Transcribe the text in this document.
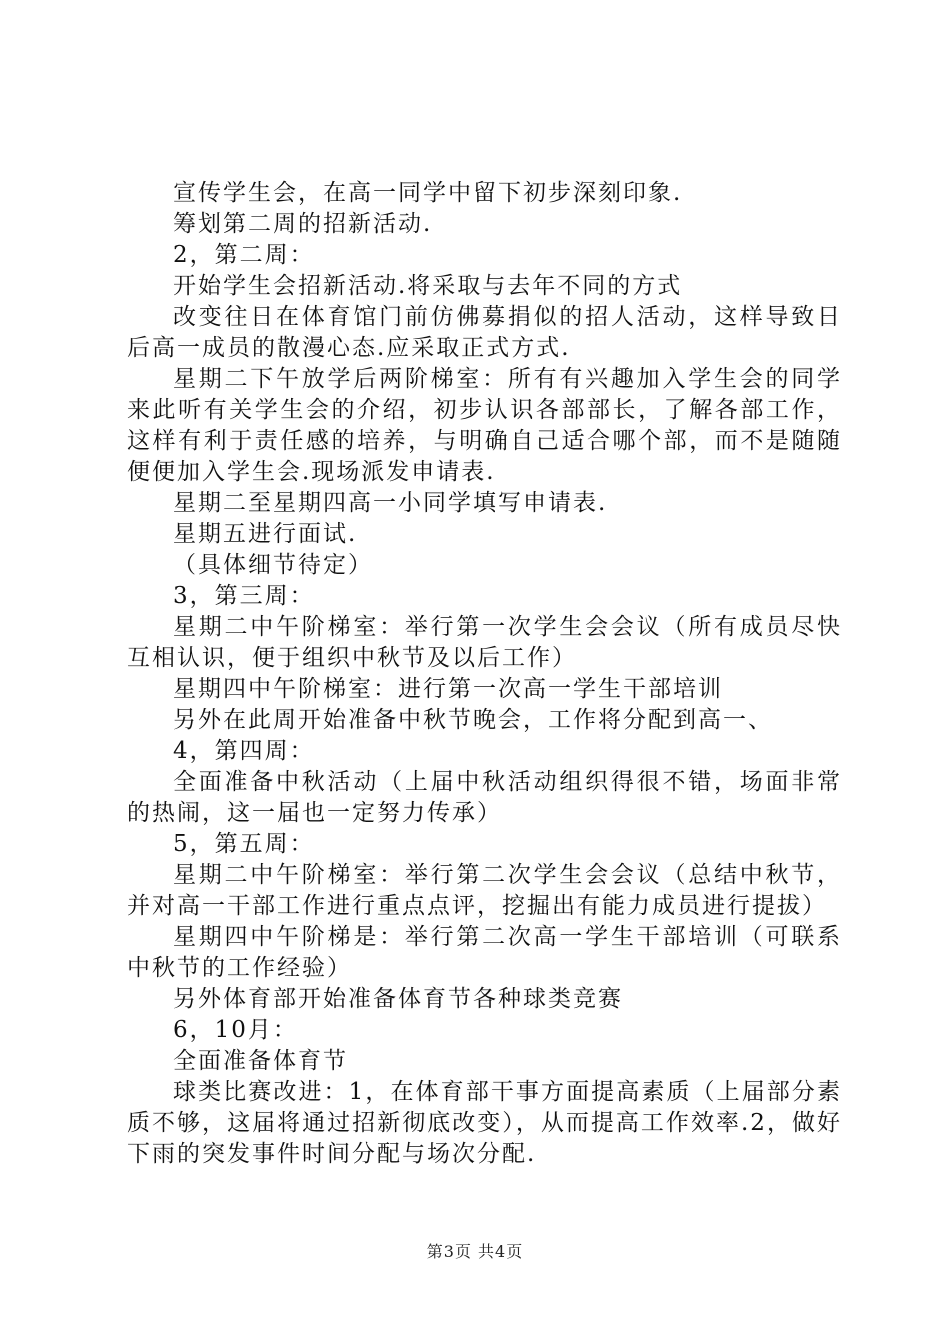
宣传学生会，在高一同学中留下初步深刻印象.

筹划第二周的招新活动.

2，第二周：

开始学生会招新活动.将采取与去年不同的方式

改变往日在体育馆门前仿佛募捐似的招人活动，这样导致日后高一成员的散漫心态.应采取正式方式.

星期二下午放学后两阶梯室：所有有兴趣加入学生会的同学来此听有关学生会的介绍，初步认识各部部长，了解各部工作，这样有利于责任感的培养，与明确自己适合哪个部，而不是随随便便加入学生会.现场派发申请表.

星期二至星期四高一小同学填写申请表.

星期五进行面试.

（具体细节待定）

3，第三周：

星期二中午阶梯室：举行第一次学生会会议（所有成员尽快互相认识，便于组织中秋节及以后工作）

星期四中午阶梯室：进行第一次高一学生干部培训

另外在此周开始准备中秋节晚会，工作将分配到高一、

4，第四周：

全面准备中秋活动（上届中秋活动组织得很不错，场面非常的热闹，这一届也一定努力传承）

5，第五周：

星期二中午阶梯室：举行第二次学生会会议（总结中秋节，并对高一干部工作进行重点点评，挖掘出有能力成员进行提拔）

星期四中午阶梯是：举行第二次高一学生干部培训（可联系中秋节的工作经验）

另外体育部开始准备体育节各种球类竞赛

6，10月：

全面准备体育节

球类比赛改进：1，在体育部干事方面提高素质（上届部分素质不够，这届将通过招新彻底改变），从而提高工作效率.2，做好下雨的突发事件时间分配与场次分配.

第3页 共4页
